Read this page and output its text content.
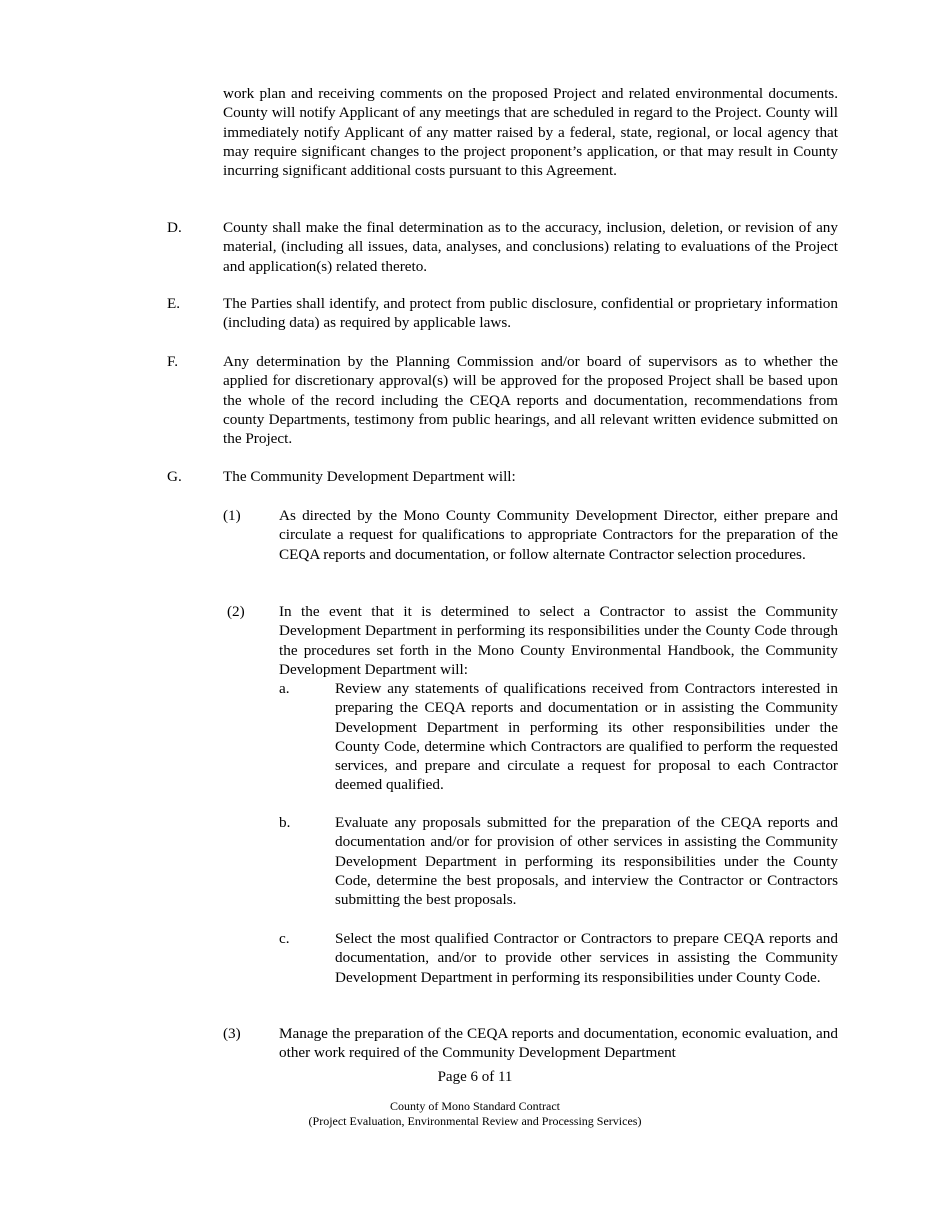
work plan and receiving comments on the proposed Project and related environmental documents. County will notify Applicant of any meetings that are scheduled in regard to the Project. County will immediately notify Applicant of any matter raised by a federal, state, regional, or local agency that may require significant changes to the project proponent’s application, or that may result in County incurring significant additional costs pursuant to this Agreement.

D.	County shall make the final determination as to the accuracy, inclusion, deletion, or revision of any material, (including all issues, data, analyses, and conclusions) relating to evaluations of the Project and application(s) related thereto.

E.	The Parties shall identify, and protect from public disclosure, confidential or proprietary information (including data) as required by applicable laws.

F.	Any determination by the Planning Commission and/or board of supervisors as to whether the applied for discretionary approval(s) will be approved for the proposed Project shall be based upon the whole of the record including the CEQA reports and documentation, recommendations from county Departments, testimony from public hearings, and all relevant written evidence submitted on the Project.

G.	The Community Development Department will:

(1)	As directed by the Mono County Community Development Director, either prepare and circulate a request for qualifications to appropriate Contractors for the preparation of the CEQA reports and documentation, or follow alternate Contractor selection procedures.

(2) In the event that it is determined to select a Contractor to assist the Community Development Department in performing its responsibilities under the County Code through the procedures set forth in the Mono County Environmental Handbook, the Community Development Department will:

a.	Review any statements of qualifications received from Contractors interested in preparing the CEQA reports and documentation or in assisting the Community Development Department in performing its other responsibilities under the County Code, determine which Contractors are qualified to perform the requested services, and prepare and circulate a request for proposal to each Contractor deemed qualified.

b.	Evaluate any proposals submitted for the preparation of the CEQA reports and documentation and/or for provision of other services in assisting the Community Development Department in performing its responsibilities under the County Code, determine the best proposals, and interview the Contractor or Contractors submitting the best proposals.

c.	Select the most qualified Contractor or Contractors to prepare CEQA reports and documentation, and/or to provide other services in assisting the Community Development Department in performing its responsibilities under County Code.

(3)	Manage the preparation of the CEQA reports and documentation, economic evaluation, and other work required of the Community Development Department

Page 6 of 11
County of Mono Standard Contract
(Project Evaluation, Environmental Review and Processing Services)
